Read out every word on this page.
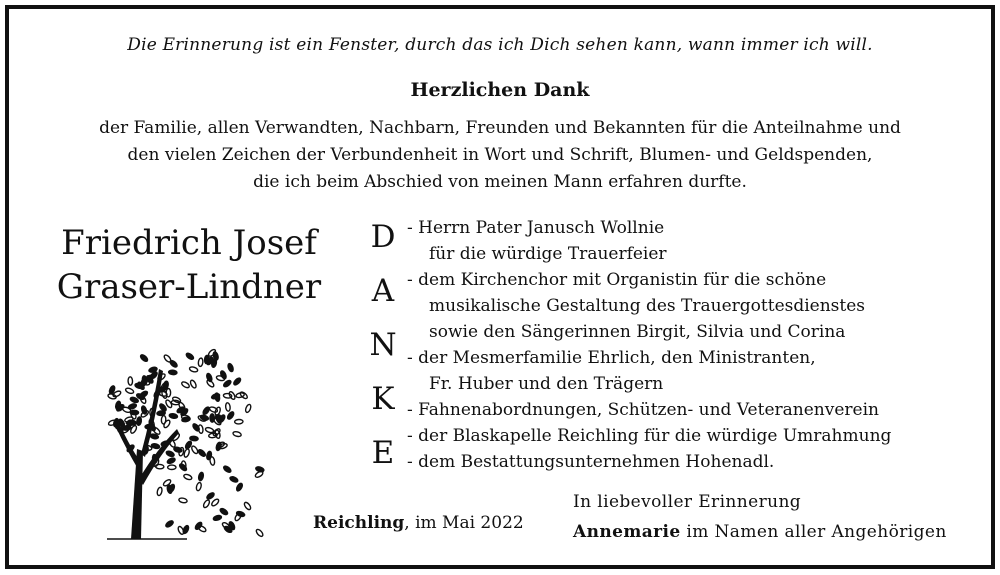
Die Erinnerung ist ein Fenster, durch das ich Dich sehen kann, wann immer ich will.
Herzlichen Dank
der Familie, allen Verwandten, Nachbarn, Freunden und Bekannten für die Anteilnahme und
den vielen Zeichen der Verbundenheit in Wort und Schrift, Blumen- und Geldspenden,
die ich beim Abschied von meinen Mann erfahren durfte.
Friedrich Josef
Graser-Lindner
D
A
N
K
E
- Herrn Pater Janusch Wollnie
für die würdige Trauerfeier
- dem Kirchenchor mit Organistin für die schöne
musikalische Gestaltung des Trauergottesdienstes
sowie den Sängerinnen Birgit, Silvia und Corina
- der Mesmerfamilie Ehrlich, den Ministranten,
Fr. Huber und den Trägern
- Fahnenabordnungen, Schützen- und Veteranenverein
- der Blaskapelle Reichling für die würdige Umrahmung
- dem Bestattungsunternehmen Hohenadl.
Reichling, im Mai 2022
In liebevoller Erinnerung
Annemarie im Namen aller Angehörigen
